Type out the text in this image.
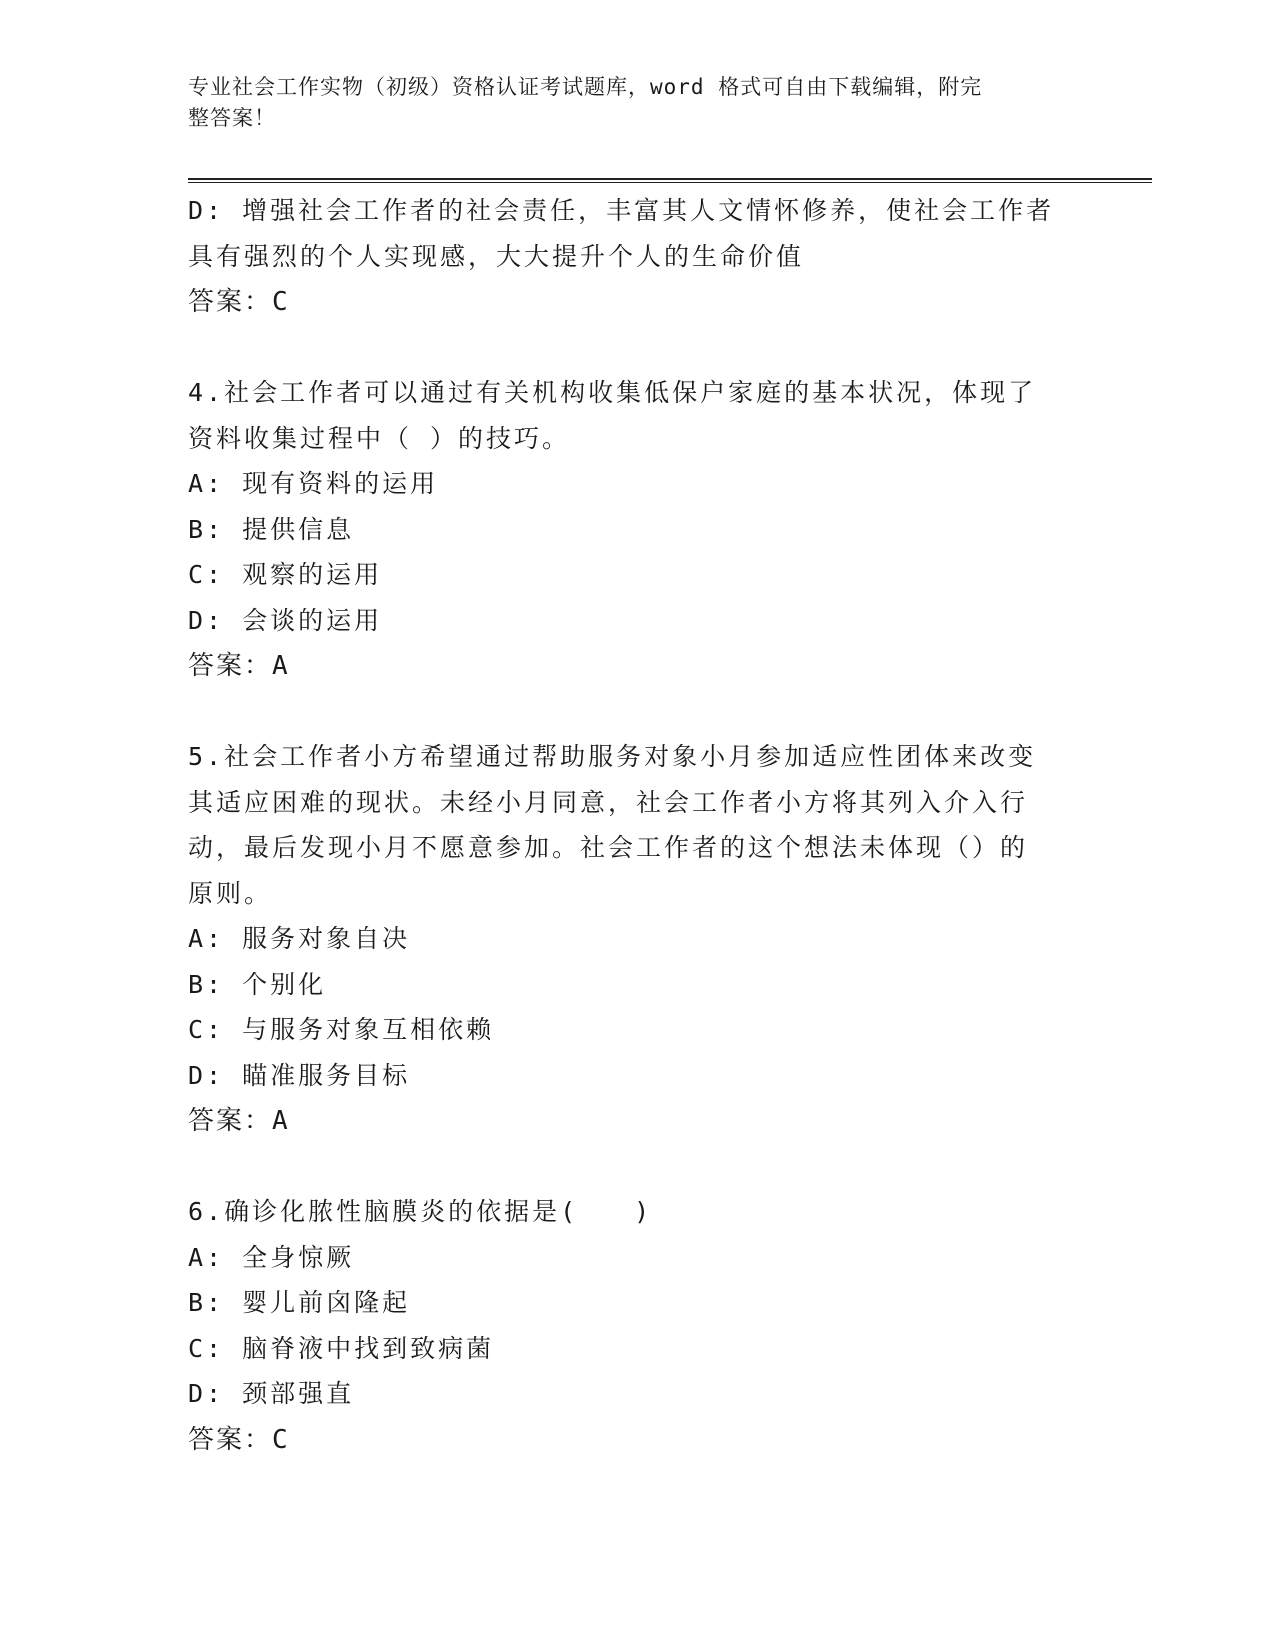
专业社会工作实物（初级）资格认证考试题库，word 格式可自由下载编辑，附完
整答案！
D: 增强社会工作者的社会责任，丰富其人文情怀修养，使社会工作者
具有强烈的个人实现感，大大提升个人的生命价值
答案：C
4.社会工作者可以通过有关机构收集低保户家庭的基本状况，体现了
资料收集过程中（ ）的技巧。
A: 现有资料的运用
B: 提供信息
C: 观察的运用
D: 会谈的运用
答案：A
5.社会工作者小方希望通过帮助服务对象小月参加适应性团体来改变
其适应困难的现状。未经小月同意，社会工作者小方将其列入介入行
动，最后发现小月不愿意参加。社会工作者的这个想法未体现（）的
原则。
A: 服务对象自决
B: 个别化
C: 与服务对象互相依赖
D: 瞄准服务目标
答案：A
6.确诊化脓性脑膜炎的依据是(　　)
A: 全身惊厥
B: 婴儿前囟隆起
C: 脑脊液中找到致病菌
D: 颈部强直
答案：C
